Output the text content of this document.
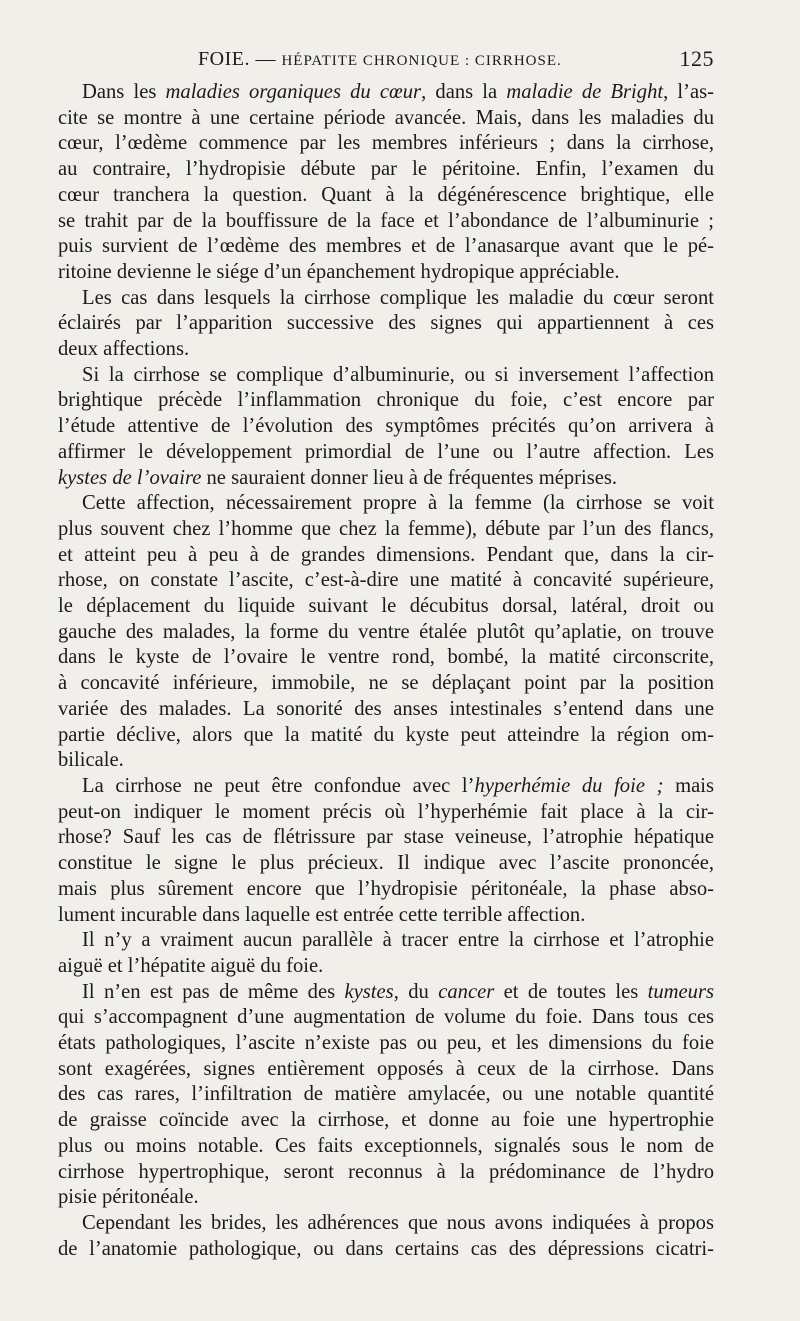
FOIE. — HÉPATITE CHRONIQUE : CIRRHOSE.	125
Dans les maladies organiques du cœur, dans la maladie de Bright, l’as-
cite se montre à une certaine période avancée. Mais, dans les maladies du
cœur, l’œdème commence par les membres inférieurs ; dans la cirrhose,
au contraire, l’hydropisie débute par le péritoine. Enfin, l’examen du
cœur tranchera la question. Quant à la dégénérescence brightique, elle
se trahit par de la bouffissure de la face et l’abondance de l’albuminurie ;
puis survient de l’œdème des membres et de l’anasarque avant que le pé-
ritoine devienne le siége d’un épanchement hydropique appréciable.
Les cas dans lesquels la cirrhose complique les maladie du cœur seront
éclairés par l’apparition successive des signes qui appartiennent à ces
deux affections.
Si la cirrhose se complique d’albuminurie, ou si inversement l’affection
brightique précède l’inflammation chronique du foie, c’est encore par
l’étude attentive de l’évolution des symptômes précités qu’on arrivera à
affirmer le développement primordial de l’une ou l’autre affection. Les
kystes de l’ovaire ne sauraient donner lieu à de fréquentes méprises.
Cette affection, nécessairement propre à la femme (la cirrhose se voit
plus souvent chez l’homme que chez la femme), débute par l’un des flancs,
et atteint peu à peu à de grandes dimensions. Pendant que, dans la cir-
rhose, on constate l’ascite, c’est-à-dire une matité à concavité supérieure,
le déplacement du liquide suivant le décubitus dorsal, latéral, droit ou
gauche des malades, la forme du ventre étalée plutôt qu’aplatie, on trouve
dans le kyste de l’ovaire le ventre rond, bombé, la matité circonscrite,
à concavité inférieure, immobile, ne se déplaçant point par la position
variée des malades. La sonorité des anses intestinales s’entend dans une
partie déclive, alors que la matité du kyste peut atteindre la région om-
bilicale.
La cirrhose ne peut être confondue avec l’hyperhémie du foie ; mais
peut-on indiquer le moment précis où l’hyperhémie fait place à la cir-
rhose? Sauf les cas de flétrissure par stase veineuse, l’atrophie hépatique
constitue le signe le plus précieux. Il indique avec l’ascite prononcée,
mais plus sûrement encore que l’hydropisie péritonéale, la phase abso-
lument incurable dans laquelle est entrée cette terrible affection.
Il n’y a vraiment aucun parallèle à tracer entre la cirrhose et l’atrophie
aiguë et l’hépatite aiguë du foie.
Il n’en est pas de même des kystes, du cancer et de toutes les tumeurs
qui s’accompagnent d’une augmentation de volume du foie. Dans tous ces
états pathologiques, l’ascite n’existe pas ou peu, et les dimensions du foie
sont exagérées, signes entièrement opposés à ceux de la cirrhose. Dans
des cas rares, l’infiltration de matière amylacée, ou une notable quantité
de graisse coïncide avec la cirrhose, et donne au foie une hypertrophie
plus ou moins notable. Ces faits exceptionnels, signalés sous le nom de
cirrhose hypertrophique, seront reconnus à la prédominance de l’hydro
pisie péritonéale.
Cependant les brides, les adhérences que nous avons indiquées à propos
de l’anatomie pathologique, ou dans certains cas des dépressions cicatri-
